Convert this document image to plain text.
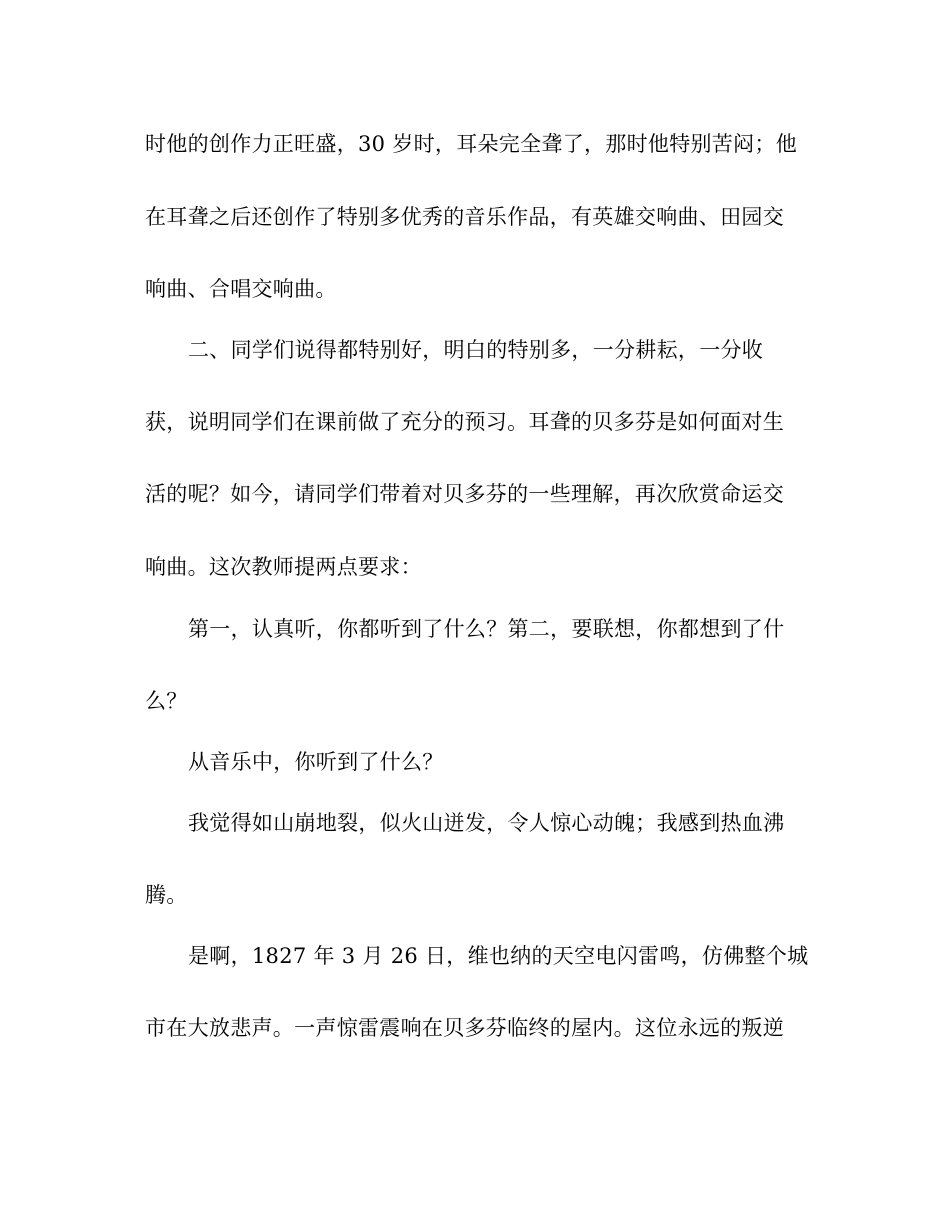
时他的创作力正旺盛，30 岁时，耳朵完全聋了，那时他特别苦闷；他
在耳聋之后还创作了特别多优秀的音乐作品，有英雄交响曲、田园交
响曲、合唱交响曲。
二、同学们说得都特别好，明白的特别多，一分耕耘，一分收
获，说明同学们在课前做了充分的预习。耳聋的贝多芬是如何面对生
活的呢？如今，请同学们带着对贝多芬的一些理解，再次欣赏命运交
响曲。这次教师提两点要求：
第一，认真听，你都听到了什么？第二，要联想，你都想到了什
么？
从音乐中，你听到了什么？
我觉得如山崩地裂，似火山迸发，令人惊心动魄；我感到热血沸
腾。
是啊，1827 年 3 月 26 日，维也纳的天空电闪雷鸣，仿佛整个城
市在大放悲声。一声惊雷震响在贝多芬临终的屋内。这位永远的叛逆
